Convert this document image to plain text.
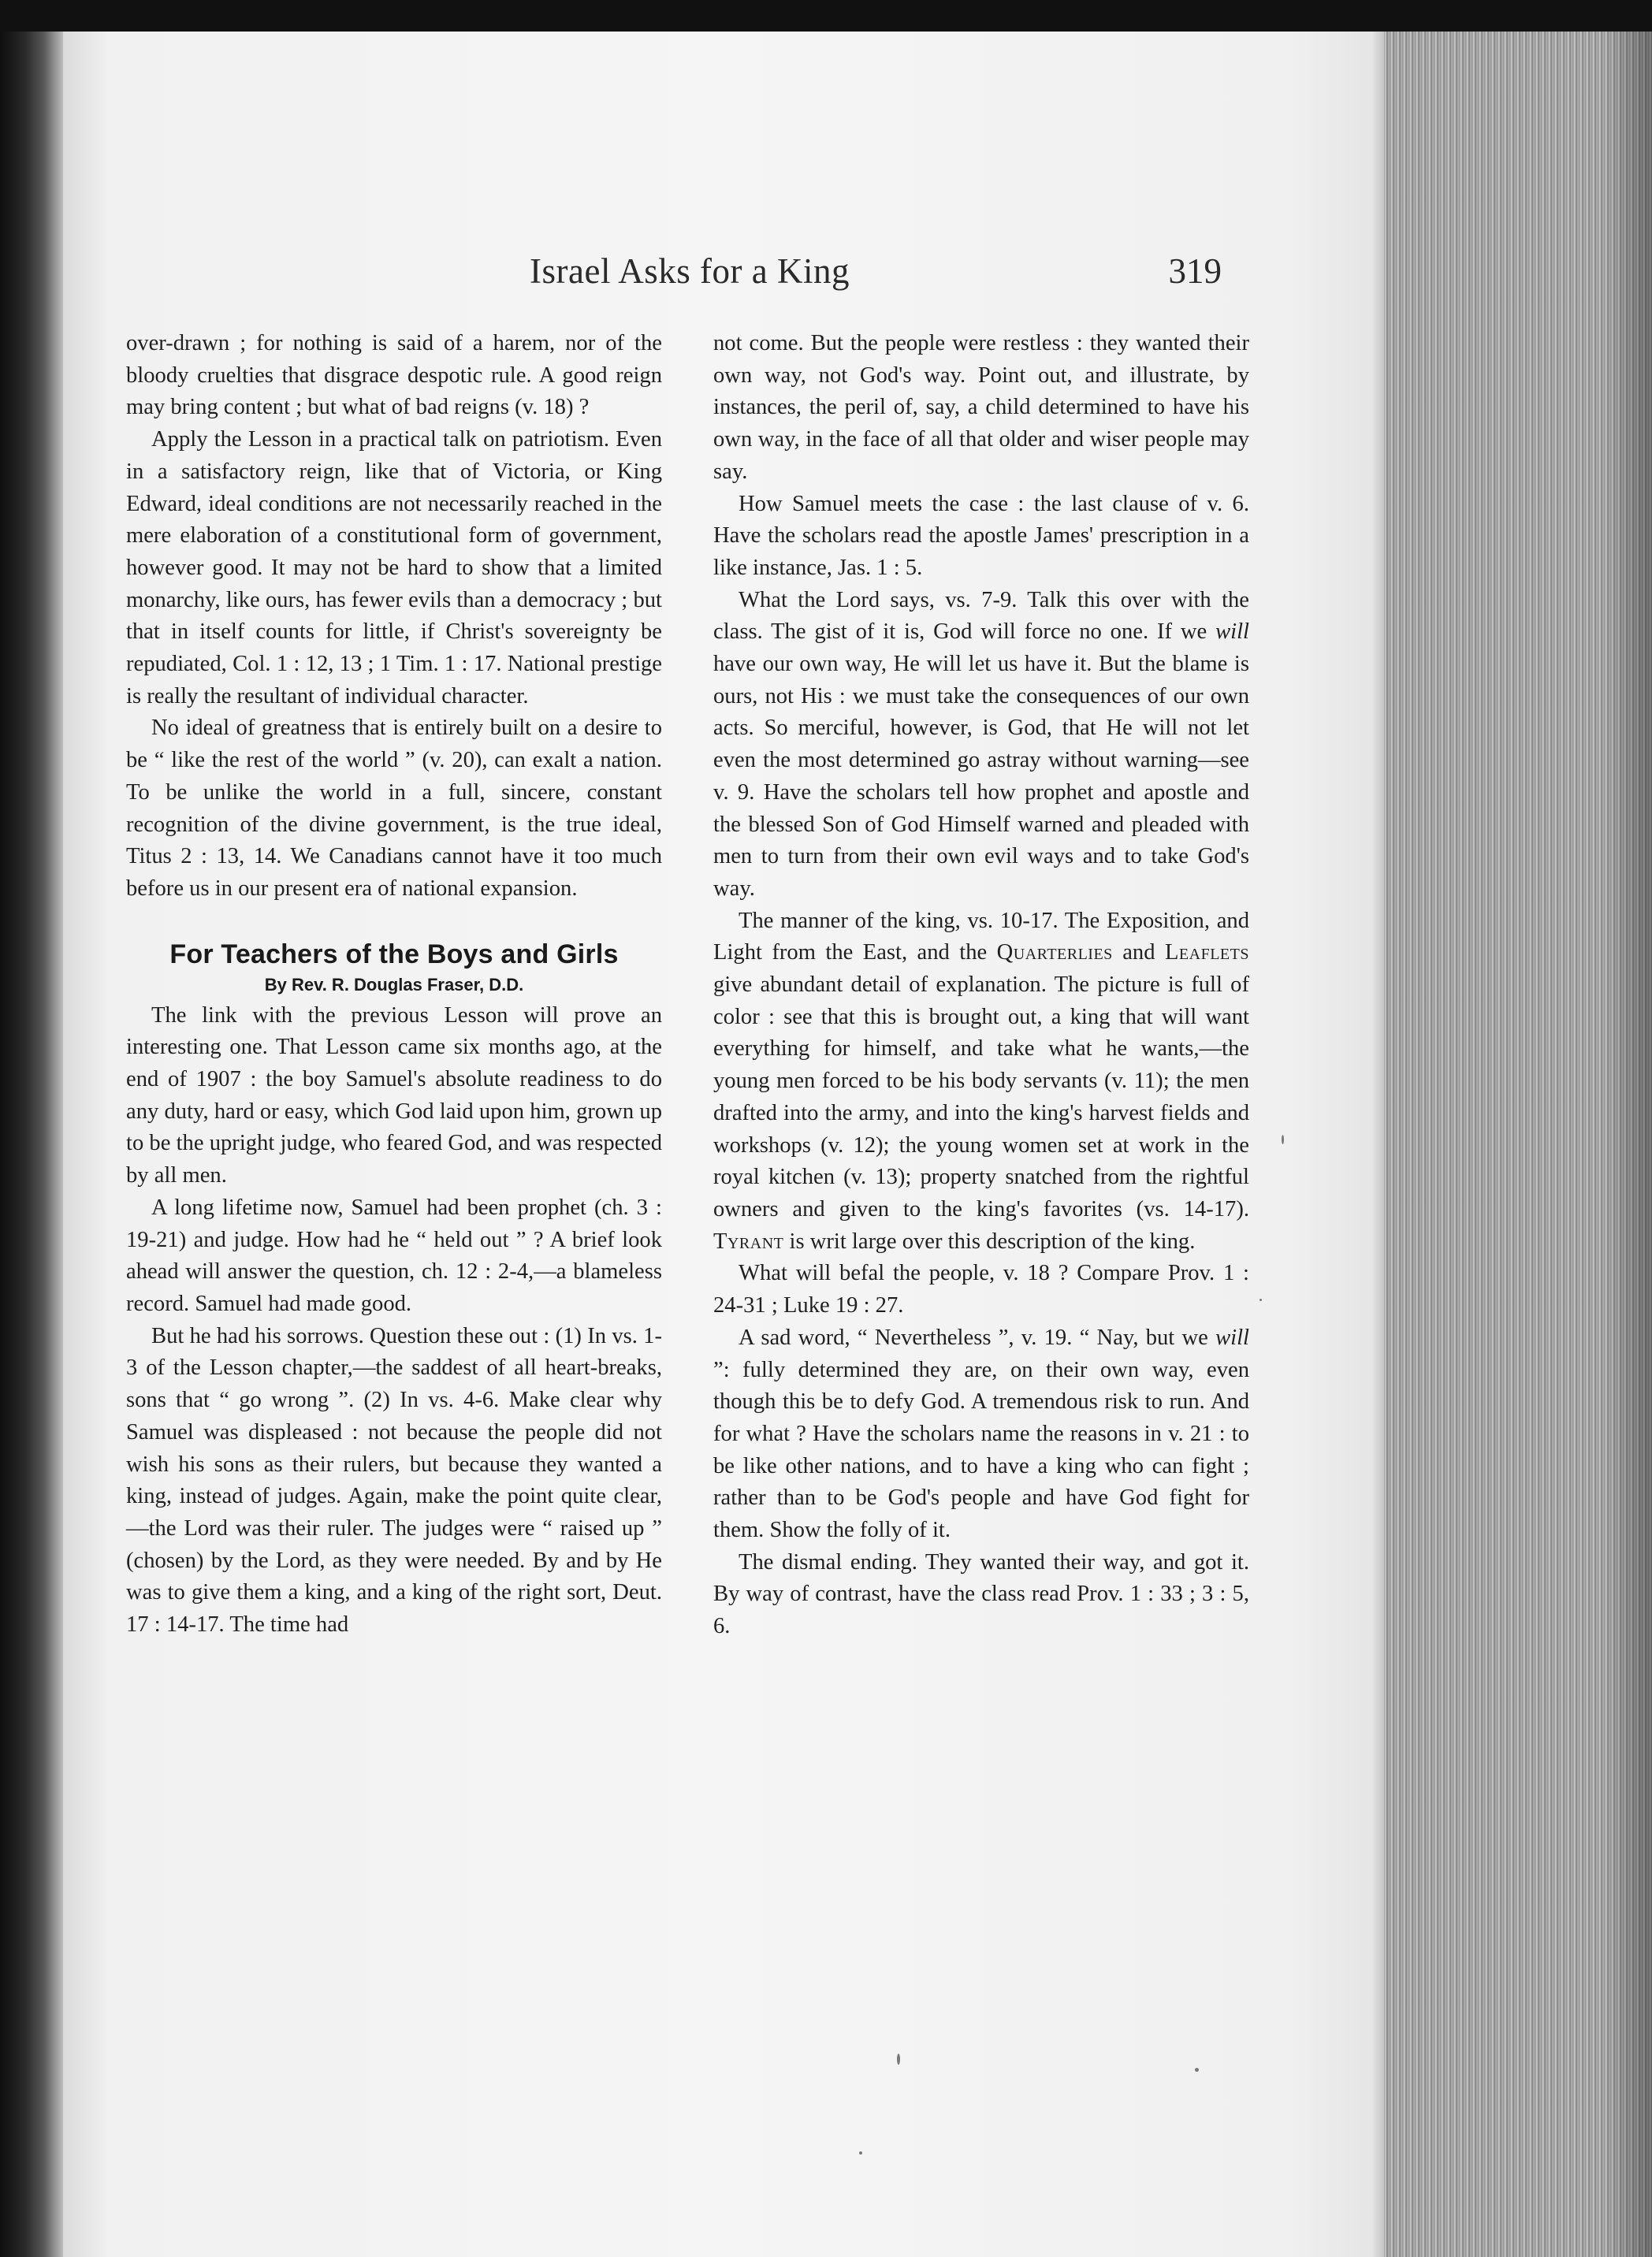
Israel Asks for a King	319

over-drawn ; for nothing is said of a harem, nor of the bloody cruelties that disgrace despotic rule. A good reign may bring content ; but what of bad reigns (v. 18) ?

Apply the Lesson in a practical talk on patriotism. Even in a satisfactory reign, like that of Victoria, or King Edward, ideal conditions are not necessarily reached in the mere elaboration of a constitutional form of government, however good. It may not be hard to show that a limited monarchy, like ours, has fewer evils than a democracy ; but that in itself counts for little, if Christ's sovereignty be repudiated, Col. 1 : 12, 13 ; 1 Tim. 1 : 17. National prestige is really the resultant of individual character.

No ideal of greatness that is entirely built on a desire to be “ like the rest of the world ” (v. 20), can exalt a nation. To be unlike the world in a full, sincere, constant recognition of the divine government, is the true ideal, Titus 2 : 13, 14. We Canadians cannot have it too much before us in our present era of national expansion.

For Teachers of the Boys and Girls
By Rev. R. Douglas Fraser, D.D.

The link with the previous Lesson will prove an interesting one. That Lesson came six months ago, at the end of 1907 : the boy Samuel's absolute readiness to do any duty, hard or easy, which God laid upon him, grown up to be the upright judge, who feared God, and was respected by all men.

A long lifetime now, Samuel had been prophet (ch. 3 : 19-21) and judge. How had he “ held out ” ? A brief look ahead will answer the question, ch. 12 : 2-4,—a blameless record. Samuel had made good.

But he had his sorrows. Question these out : (1) In vs. 1-3 of the Lesson chapter,—the saddest of all heart-breaks, sons that “ go wrong ”. (2) In vs. 4-6. Make clear why Samuel was displeased : not because the people did not wish his sons as their rulers, but because they wanted a king, instead of judges. Again, make the point quite clear,—the Lord was their ruler. The judges were “ raised up ” (chosen) by the Lord, as they were needed. By and by He was to give them a king, and a king of the right sort, Deut. 17 : 14-17. The time had

not come. But the people were restless : they wanted their own way, not God's way. Point out, and illustrate, by instances, the peril of, say, a child determined to have his own way, in the face of all that older and wiser people may say.

How Samuel meets the case : the last clause of v. 6. Have the scholars read the apostle James' prescription in a like instance, Jas. 1 : 5.

What the Lord says, vs. 7-9. Talk this over with the class. The gist of it is, God will force no one. If we will have our own way, He will let us have it. But the blame is ours, not His : we must take the consequences of our own acts. So merciful, however, is God, that He will not let even the most determined go astray without warning—see v. 9. Have the scholars tell how prophet and apostle and the blessed Son of God Himself warned and pleaded with men to turn from their own evil ways and to take God's way.

The manner of the king, vs. 10-17. The Exposition, and Light from the East, and the Quarterlies and Leaflets give abundant detail of explanation. The picture is full of color : see that this is brought out, a king that will want everything for himself, and take what he wants,—the young men forced to be his body servants (v. 11); the men drafted into the army, and into the king's harvest fields and workshops (v. 12); the young women set at work in the royal kitchen (v. 13); property snatched from the rightful owners and given to the king's favorites (vs. 14-17). Tyrant is writ large over this description of the king.

What will befal the people, v. 18 ? Compare Prov. 1 : 24-31 ; Luke 19 : 27.

A sad word, “ Nevertheless ”, v. 19. “ Nay, but we will ”: fully determined they are, on their own way, even though this be to defy God. A tremendous risk to run. And for what ? Have the scholars name the reasons in v. 21 : to be like other nations, and to have a king who can fight ; rather than to be God's people and have God fight for them. Show the folly of it.

The dismal ending. They wanted their way, and got it. By way of contrast, have the class read Prov. 1 : 33 ; 3 : 5, 6.
